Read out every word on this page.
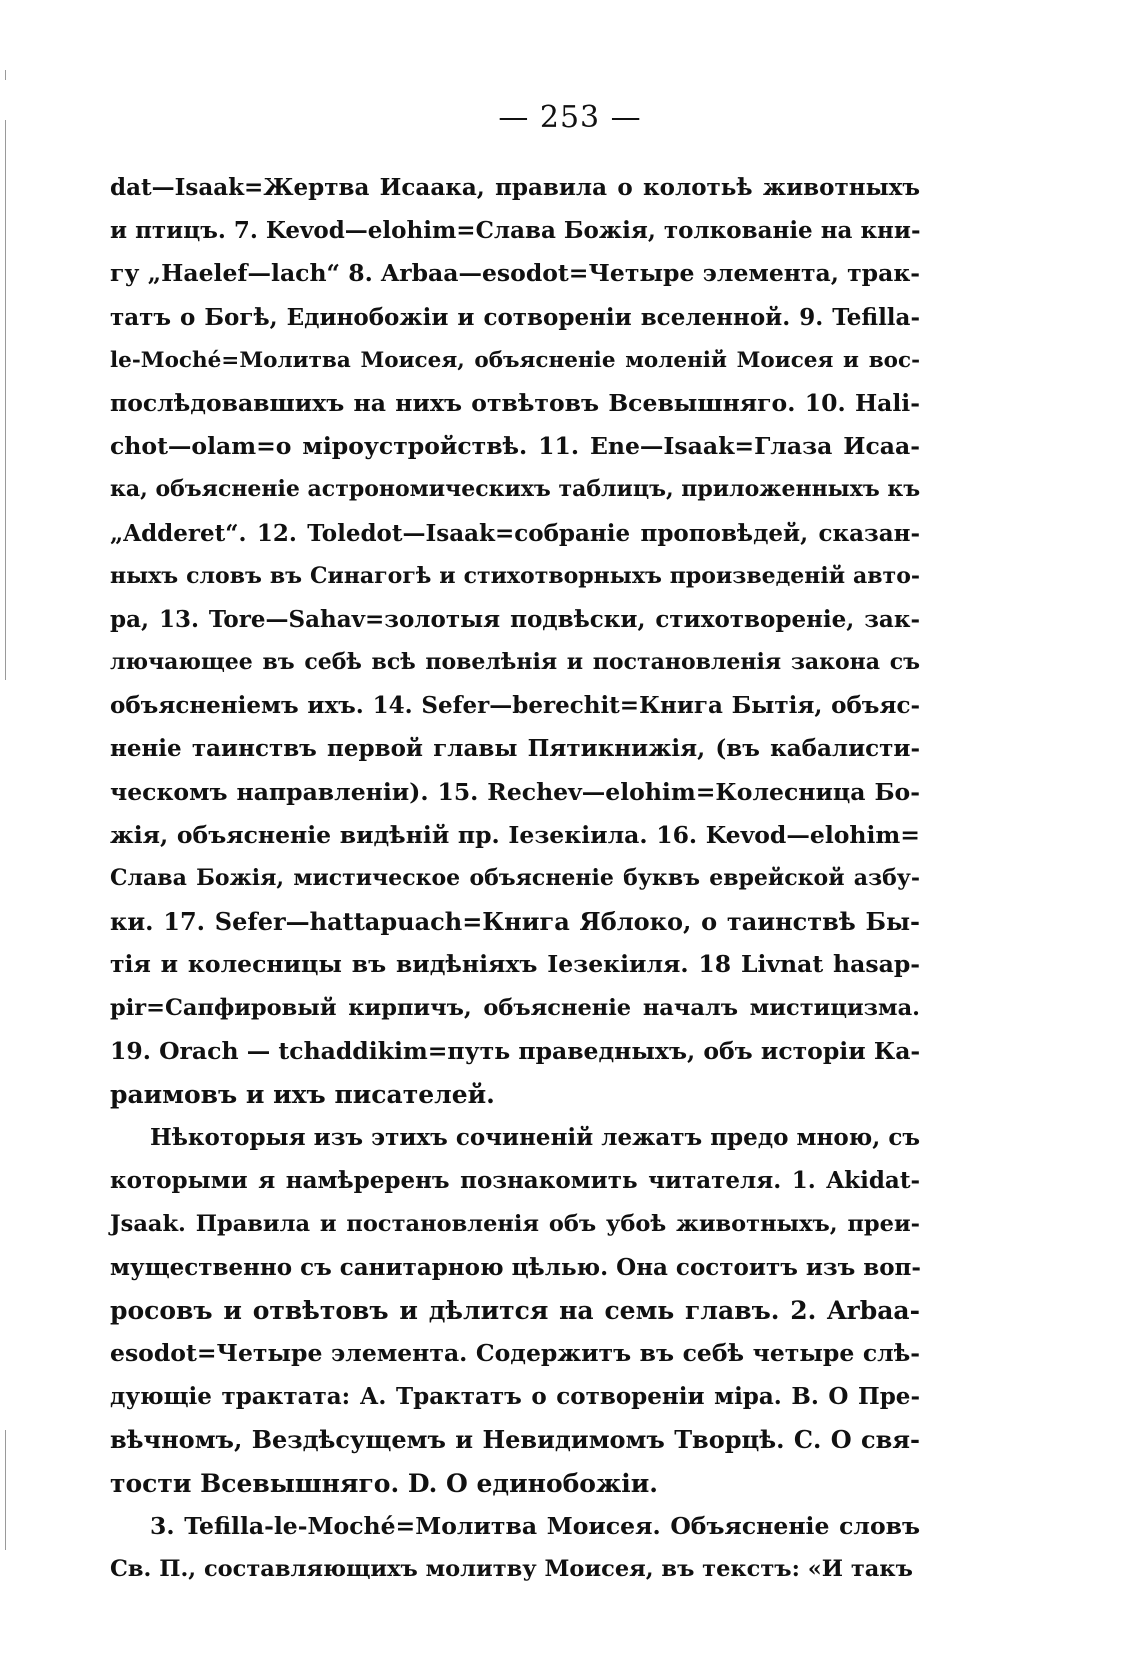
— 253 —
dat—Isaak=Жертва Исаака, правила о колотьѣ животныхъ
и птицъ. 7. Kevod—elohim=Слава Божія, толкованіе на кни-
гу „Haelef—lach“ 8. Arbaa—esodot=Четыре элемента, трак-
татъ о Богѣ, Единобожіи и сотвореніи вселенной. 9. Tefilla-
le-Moché=Молитва Моисея, объясненіе моленій Моисея и вос-
послѣдовавшихъ на нихъ отвѣтовъ Всевышняго. 10. Hali-
chot—olam=о міроустройствѣ. 11. Ene—Isaak=Глаза Исаа-
ка, объясненіе астрономическихъ таблицъ, приложенныхъ къ
„Adderet“. 12. Toledot—Isaak=собраніе проповѣдей, сказан-
ныхъ словъ въ Синагогѣ и стихотворныхъ произведеній авто-
ра, 13. Tore—Sahav=золотыя подвѣски, стихотвореніе, зак-
лючающее въ себѣ всѣ повелѣнія и постановленія закона съ
объясненіемъ ихъ. 14. Sefer—berechit=Книга Бытія, объяс-
неніе таинствъ первой главы Пятикнижія, (въ кабалисти-
ческомъ направленіи). 15. Rechev—elohim=Колесница Бо-
жія, объясненіе видѣній пр. Іезекіила. 16. Kevod—elohim=
Слава Божія, мистическое объясненіе буквъ еврейской азбу-
ки. 17. Sefer—hattapuach=Книга Яблоко, о таинствѣ Бы-
тія и колесницы въ видѣніяхъ Іезекіиля. 18 Livnat hasap-
pir=Сапфировый кирпичъ, объясненіе началъ мистицизма.
19. Orach — tchaddikim=путь праведныхъ, объ исторіи Ка-
раимовъ и ихъ писателей.
Нѣкоторыя изъ этихъ сочиненій лежатъ предо мною, съ
которыми я намѣреренъ познакомить читателя. 1. Akidat-
Jsaak. Правила и постановленія объ убоѣ животныхъ, преи-
мущественно съ санитарною цѣлью. Она состоитъ изъ воп-
росовъ и отвѣтовъ и дѣлится на семь главъ. 2. Arbaa-
esodot=Четыре элемента. Содержитъ въ себѣ четыре слѣ-
дующіе трактата: А. Трактатъ о сотвореніи міра. В. О Пре-
вѣчномъ, Вездѣсущемъ и Невидимомъ Творцѣ. С. О свя-
тости Всевышняго. D. О единобожіи.
3. Tefilla-le-Moché=Молитва Моисея. Объясненіе словъ
Св. П., составляющихъ молитву Моисея, въ текстъ: «И такъ
